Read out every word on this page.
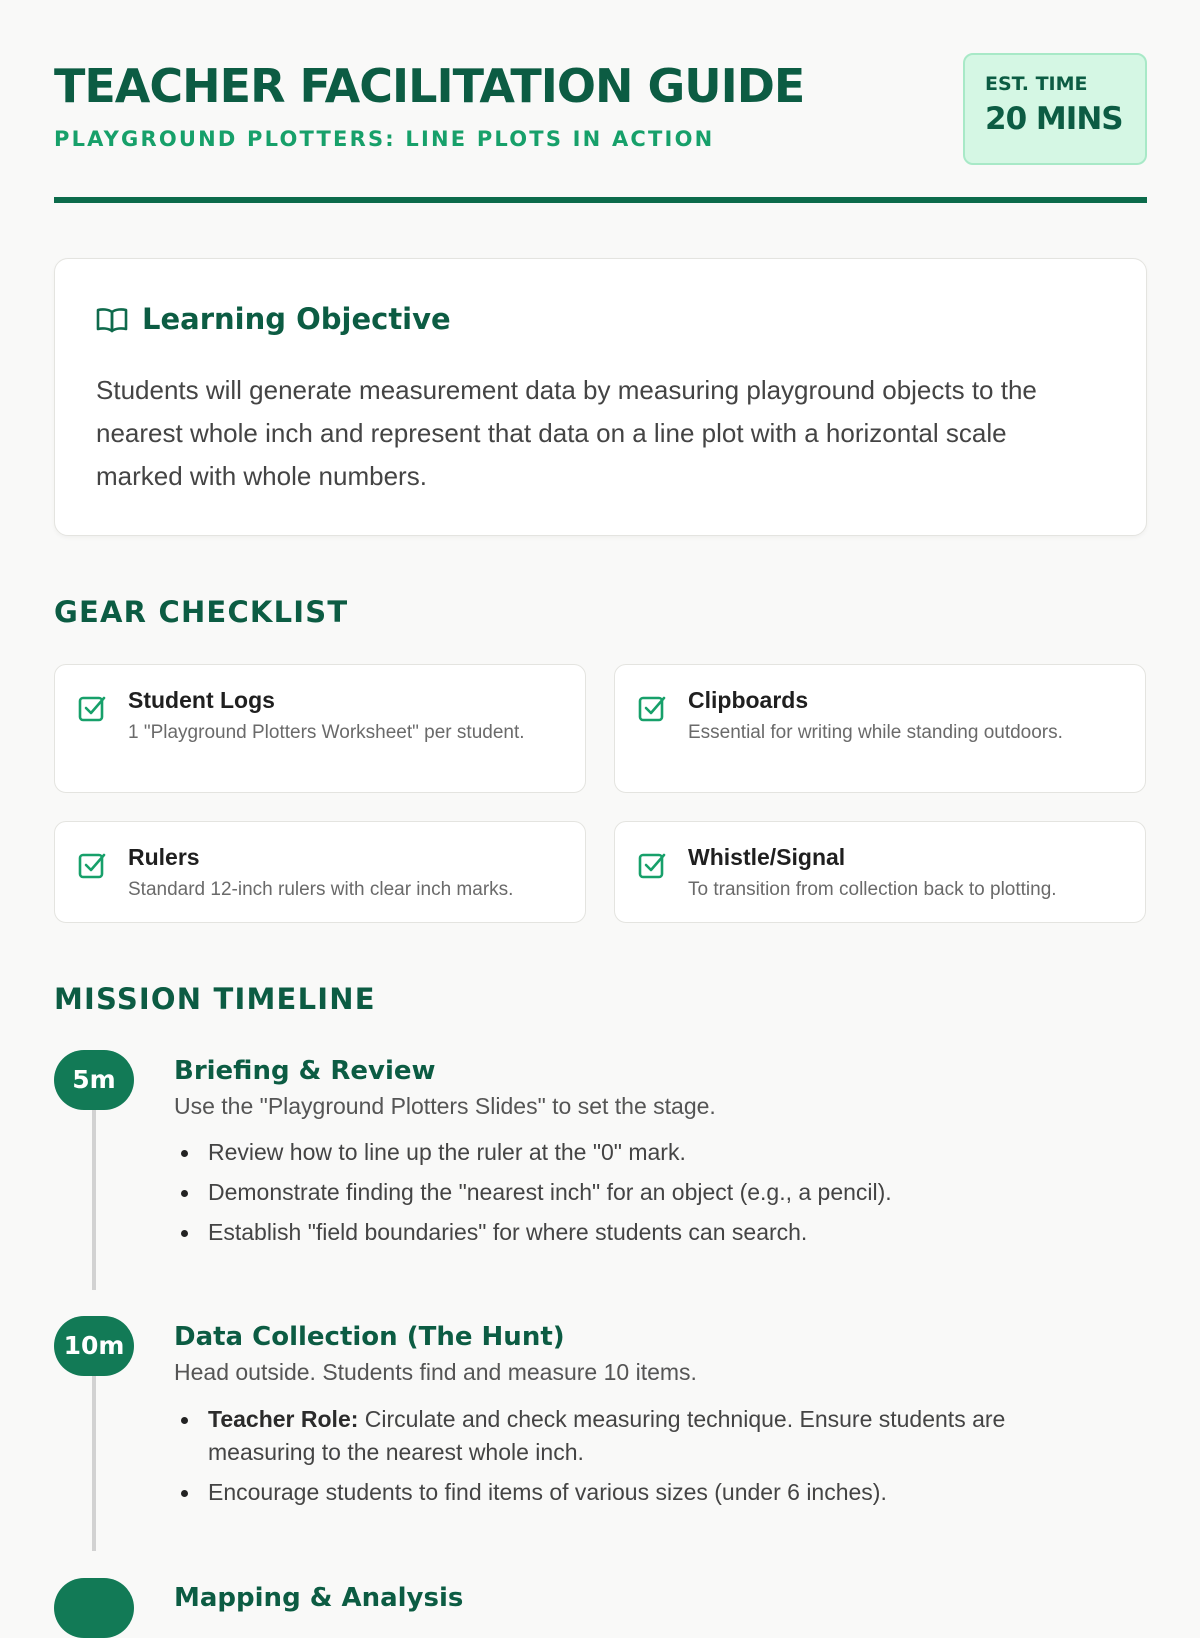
TEACHER FACILITATION GUIDE
PLAYGROUND PLOTTERS: LINE PLOTS IN ACTION
EST. TIME
20 MINS
Learning Objective

Students will generate measurement data by measuring playground objects to the nearest whole inch and represent that data on a line plot with a horizontal scale marked with whole numbers.

GEAR CHECKLIST
Student Logs
1 "Playground Plotters Worksheet" per student.
Clipboards
Essential for writing while standing outdoors.
Rulers
Standard 12-inch rulers with clear inch marks.
Whistle/Signal
To transition from collection back to plotting.
MISSION TIMELINE
5m	Briefing & Review

Use the "Playground Plotters Slides" to set the stage.

Review how to line up the ruler at the "0" mark.
Demonstrate finding the "nearest inch" for an object (e.g., a pencil).
Establish "field boundaries" for where students can search.
10m	Data Collection (The Hunt)

Head outside. Students find and measure 10 items.

Teacher Role: Circulate and check measuring technique. Ensure students are measuring to the nearest whole inch.
Encourage students to find items of various sizes (under 6 inches).
Mapping & Analysis
